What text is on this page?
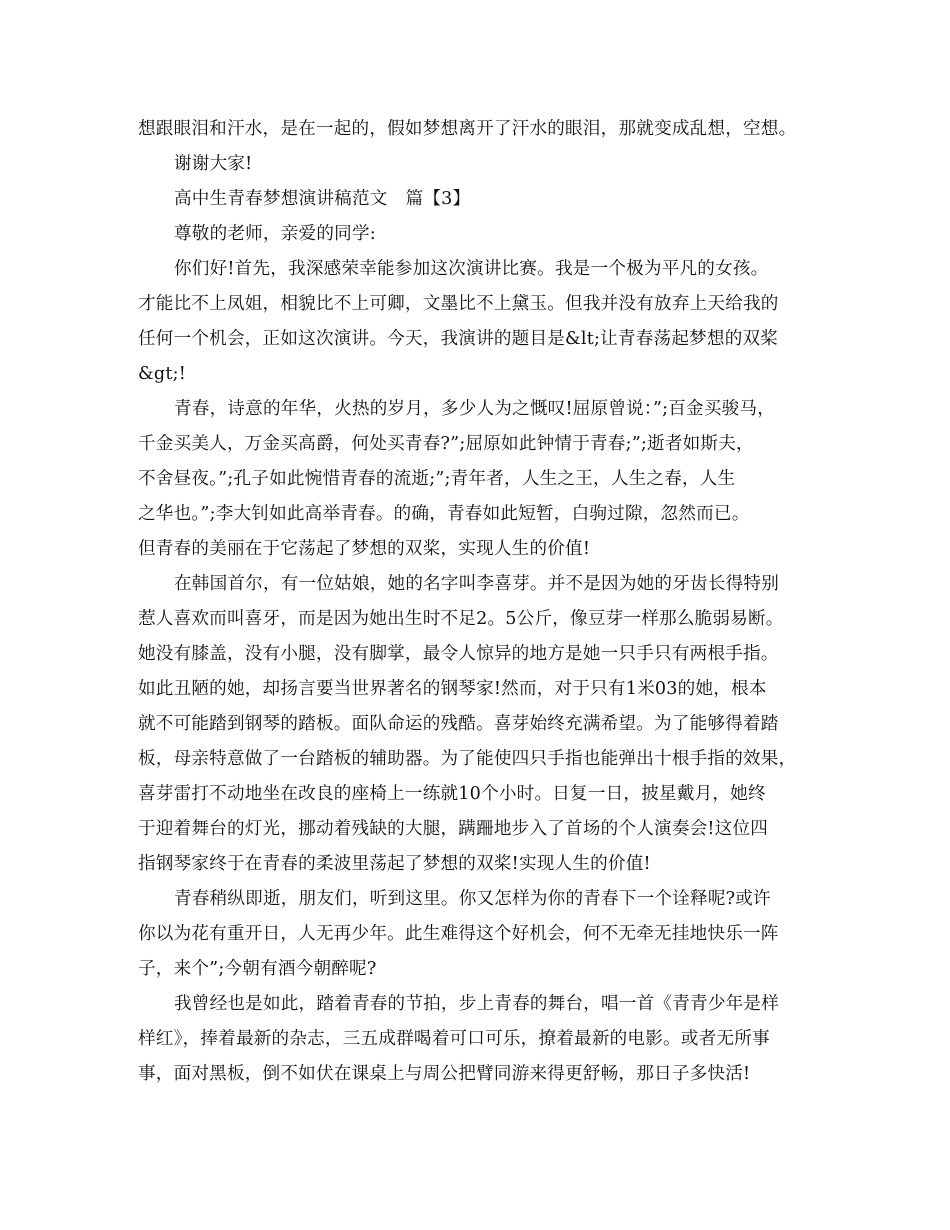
想跟眼泪和汗水，是在一起的，假如梦想离开了汗水的眼泪，那就变成乱想，空想。
谢谢大家!
高中生青春梦想演讲稿范文 篇【3】
尊敬的老师，亲爱的同学:
你们好!首先，我深感荣幸能参加这次演讲比赛。我是一个极为平凡的女孩。
才能比不上凤姐，相貌比不上可卿，文墨比不上黛玉。但我并没有放弃上天给我的
任何一个机会，正如这次演讲。今天，我演讲的题目是&lt;让青春荡起梦想的双桨
&gt;!
青春，诗意的年华，火热的岁月，多少人为之慨叹!屈原曾说：”;百金买骏马，
千金买美人，万金买高爵，何处买青春?”;屈原如此钟情于青春;”;逝者如斯夫，
不舍昼夜。”;孔子如此惋惜青春的流逝;”;青年者，人生之王，人生之春，人生
之华也。”;李大钊如此高举青春。的确，青春如此短暂，白驹过隙，忽然而已。
但青春的美丽在于它荡起了梦想的双桨，实现人生的价值!
在韩国首尔，有一位姑娘，她的名字叫李喜芽。并不是因为她的牙齿长得特别
惹人喜欢而叫喜牙，而是因为她出生时不足2。5公斤，像豆芽一样那么脆弱易断。
她没有膝盖，没有小腿，没有脚掌，最令人惊异的地方是她一只手只有两根手指。
如此丑陋的她，却扬言要当世界著名的钢琴家!然而，对于只有1米03的她，根本
就不可能踏到钢琴的踏板。面队命运的残酷。喜芽始终充满希望。为了能够得着踏
板，母亲特意做了一台踏板的辅助器。为了能使四只手指也能弹出十根手指的效果，
喜芽雷打不动地坐在改良的座椅上一练就10个小时。日复一日，披星戴月，她终
于迎着舞台的灯光，挪动着残缺的大腿，蹒跚地步入了首场的个人演奏会!这位四
指钢琴家终于在青春的柔波里荡起了梦想的双桨!实现人生的价值!
青春稍纵即逝，朋友们，听到这里。你又怎样为你的青春下一个诠释呢?或许
你以为花有重开日，人无再少年。此生难得这个好机会，何不无牵无挂地快乐一阵
子，来个”;今朝有酒今朝醉呢?
我曾经也是如此，踏着青春的节拍，步上青春的舞台，唱一首《青青少年是样
样红》，捧着最新的杂志，三五成群喝着可口可乐，撩着最新的电影。或者无所事
事，面对黑板，倒不如伏在课桌上与周公把臂同游来得更舒畅，那日子多快活!
